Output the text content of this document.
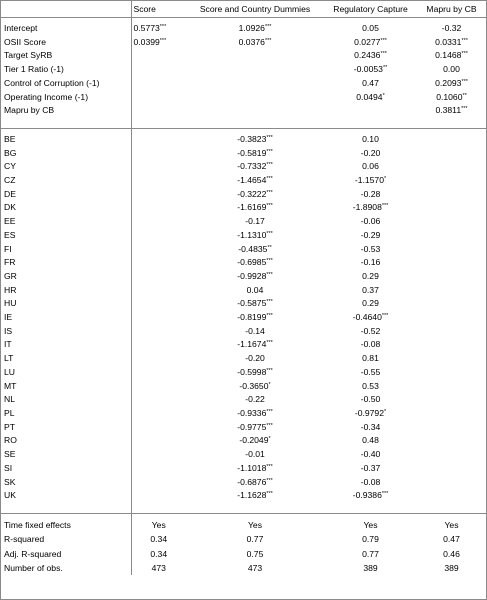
	Score	Score and Country Dummies	Regulatory Capture	Mapru by CB

Intercept	0.5773***	1.0926***	0.05	-0.32
OSII Score	0.0399***	0.0376***	0.0277***	0.0331***
Target SyRB			0.2436***	0.1468***
Tier 1 Ratio (-1)			-0.0053**	0.00
Control of Corruption (-1)			0.47	0.2093***
Operating Income (-1)			0.0494*	0.1060**
Mapru by CB				0.3811***

BE		-0.3823***	0.10	
BG		-0.5819***	-0.20	
CY		-0.7332***	0.06	
CZ		-1.4654***	-1.1570*	
DE		-0.3222***	-0.28	
DK		-1.6169***	-1.8908***	
EE		-0.17	-0.06	
ES		-1.1310***	-0.29	
FI		-0.4835**	-0.53	
FR		-0.6985***	-0.16	
GR		-0.9928***	0.29	
HR		0.04	0.37	
HU		-0.5875***	0.29	
IE		-0.8199***	-0.4640***	
IS		-0.14	-0.52	
IT		-1.1674***	-0.08	
LT		-0.20	0.81	
LU		-0.5998***	-0.55	
MT		-0.3650*	0.53	
NL		-0.22	-0.50	
PL		-0.9336***	-0.9792*	
PT		-0.9775***	-0.34	
RO		-0.2049*	0.48	
SE		-0.01	-0.40	
SI		-1.1018***	-0.37	
SK		-0.6876***	-0.08	
UK		-1.1628***	-0.9386***	

Time fixed effects	Yes	Yes	Yes	Yes
R-squared	0.34	0.77	0.79	0.47
Adj. R-squared	0.34	0.75	0.77	0.46
Number of obs.	473	473	389	389
